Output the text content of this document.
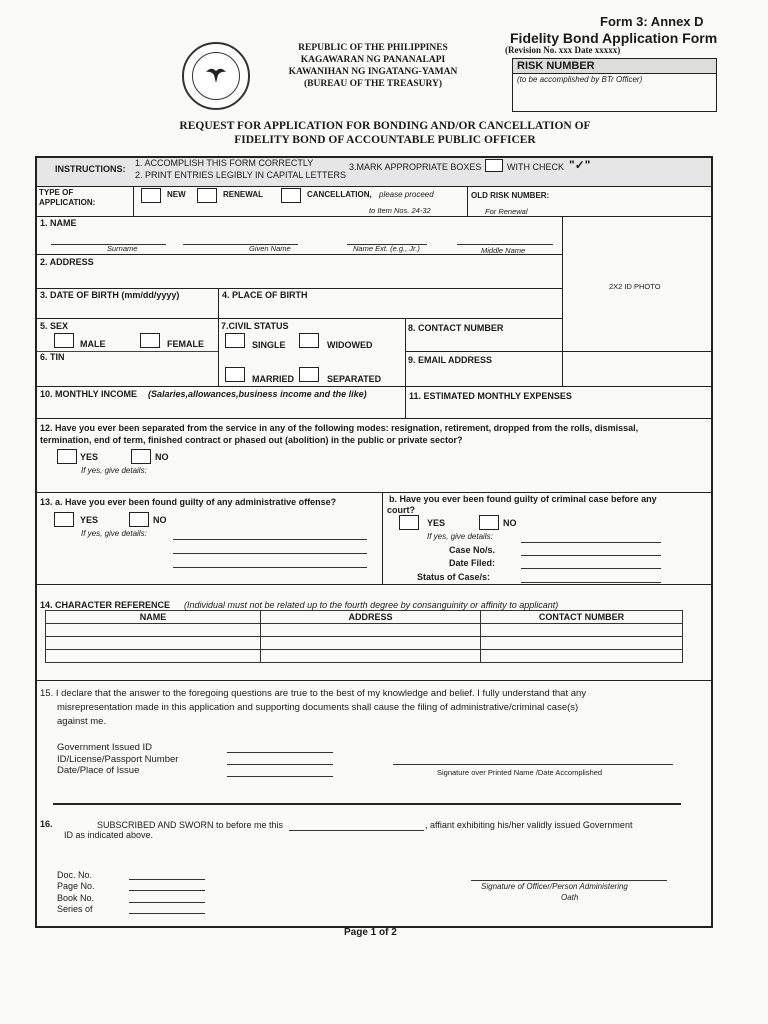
Form 3: Annex D
Fidelity Bond Application Form
(Revision No. xxx Date xxxxx)
REPUBLIC OF THE PHILIPPINES
KAGAWARAN NG PANANALAPI
KAWANIHAN NG INGATANG-YAMAN
(BUREAU OF THE TREASURY)
RISK NUMBER
(to be accomplished by BTr Officer)
REQUEST FOR APPLICATION FOR BONDING AND/OR CANCELLATION OF
FIDELITY BOND OF ACCOUNTABLE PUBLIC OFFICER
INSTRUCTIONS:
1. ACCOMPLISH THIS FORM CORRECTLY
2. PRINT ENTRIES LEGIBLY IN CAPITAL LETTERS
3.MARK APPROPRIATE BOXES	WITH CHECK "✓"
TYPE OF APPLICATION:
NEW	RENEWAL	CANCELLATION, please proceed
to Item Nos. 24-32
OLD RISK NUMBER:
For Renewal
2X2 ID PHOTO
1. NAME
Surname	Given Name	Name Ext. (e.g., Jr.)	Middle Name
2. ADDRESS
3. DATE OF BIRTH (mm/dd/yyyy)	4. PLACE OF BIRTH
5. SEX
MALE	FEMALE
6. TIN
7.CIVIL STATUS
SINGLE	WIDOWED
MARRIED	SEPARATED
8. CONTACT NUMBER
9. EMAIL ADDRESS
10. MONTHLY INCOME (Salaries,allowances,business income and the like)	11. ESTIMATED MONTHLY EXPENSES
12. Have you ever been separated from the service in any of the following modes: resignation, retirement, dropped from the rolls, dismissal,
termination, end of term, finished contract or phased out (abolition) in the public or private sector?
YES	NO
If yes, give details:
13. a. Have you ever been found guilty of any administrative offense?
YES	NO
If yes, give details:
b. Have you ever been found guilty of criminal case before any
court?
YES	NO
If yes, give details:
Case No/s.
Date Filed:
Status of Case/s:
14. CHARACTER REFERENCE (Individual must not be related up to the fourth degree by consanguinity or affinity to applicant)
NAME	ADDRESS	CONTACT NUMBER

15. I declare that the answer to the foregoing questions are true to the best of my knowledge and belief. I fully understand that any
misrepresentation made in this application and supporting documents shall cause the filing of administrative/criminal case(s)
against me.
Government Issued ID
ID/License/Passport Number
Date/Place of Issue	Signature over Printed Name /Date Accomplished
16.	SUBSCRIBED AND SWORN to before me this	, affiant exhibiting his/her validly issued Government
ID as indicated above.
Doc. No.
Page No.
Book No.
Series of
Signature of Officer/Person Administering
Oath
Page 1 of 2
